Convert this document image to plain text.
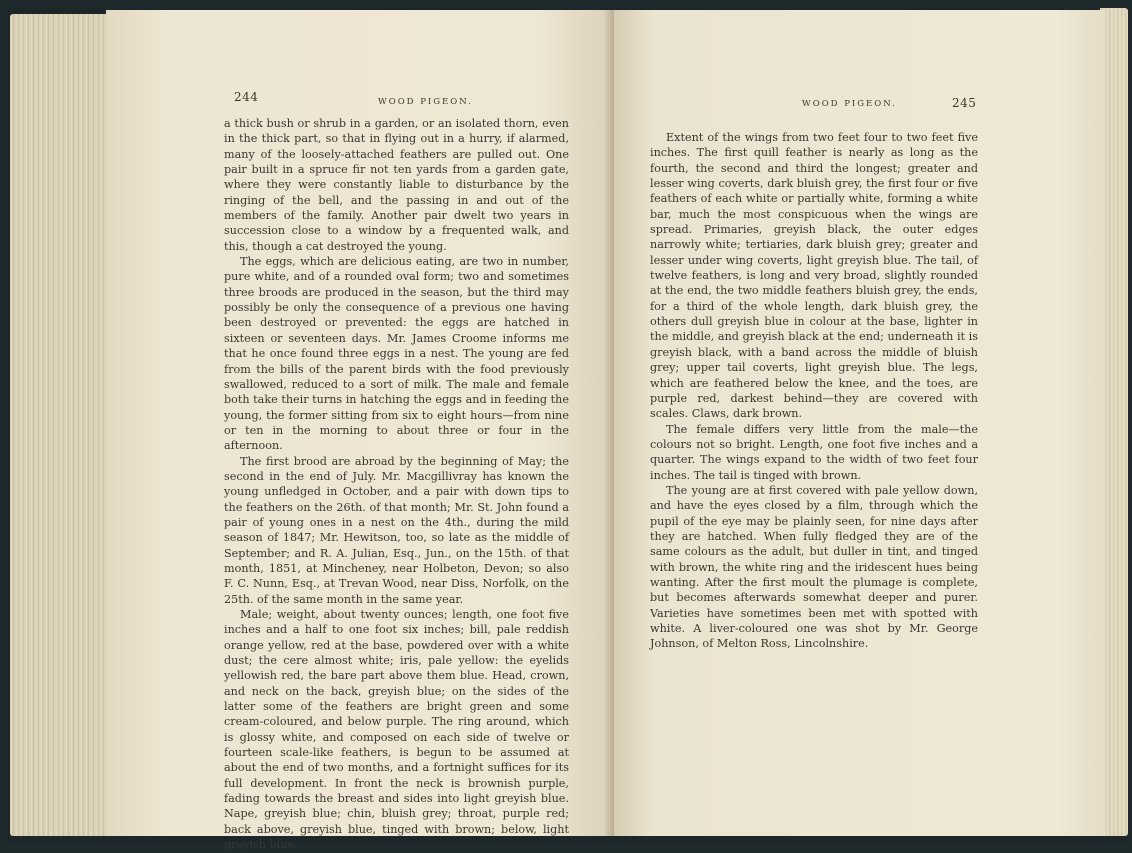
244	WOOD PIGEON.

a thick bush or shrub in a garden, or an isolated thorn, even in the thick part, so that in flying out in a hurry, if alarmed, many of the loosely-attached feathers are pulled out. One pair built in a spruce fir not ten yards from a garden gate, where they were constantly liable to disturbance by the ringing of the bell, and the passing in and out of the members of the family. Another pair dwelt two years in succession close to a window by a frequented walk, and this, though a cat destroyed the young.

The eggs, which are delicious eating, are two in number, pure white, and of a rounded oval form; two and sometimes three broods are produced in the season, but the third may possibly be only the consequence of a previous one having been destroyed or prevented: the eggs are hatched in sixteen or seventeen days. Mr. James Croome informs me that he once found three eggs in a nest. The young are fed from the bills of the parent birds with the food previously swallowed, reduced to a sort of milk. The male and female both take their turns in hatching the eggs and in feeding the young, the former sitting from six to eight hours—from nine or ten in the morning to about three or four in the afternoon.

The first brood are abroad by the beginning of May; the second in the end of July. Mr. Macgillivray has known the young unfledged in October, and a pair with down tips to the feathers on the 26th. of that month; Mr. St. John found a pair of young ones in a nest on the 4th., during the mild season of 1847; Mr. Hewitson, too, so late as the middle of September; and R. A. Julian, Esq., Jun., on the 15th. of that month, 1851, at Mincheney, near Holbeton, Devon; so also F. C. Nunn, Esq., at Trevan Wood, near Diss, Norfolk, on the 25th. of the same month in the same year.

Male; weight, about twenty ounces; length, one foot five inches and a half to one foot six inches; bill, pale reddish orange yellow, red at the base, powdered over with a white dust; the cere almost white; iris, pale yellow: the eyelids yellowish red, the bare part above them blue. Head, crown, and neck on the back, greyish blue; on the sides of the latter some of the feathers are bright green and some cream-coloured, and below purple. The ring around, which is glossy white, and composed on each side of twelve or fourteen scale-like feathers, is begun to be assumed at about the end of two months, and a fortnight suffices for its full development. In front the neck is brownish purple, fading towards the breast and sides into light greyish blue. Nape, greyish blue; chin, bluish grey; throat, purple red; back above, greyish blue, tinged with brown; below, light greyish blue.

WOOD PIGEON.	245

Extent of the wings from two feet four to two feet five inches. The first quill feather is nearly as long as the fourth, the second and third the longest; greater and lesser wing coverts, dark bluish grey, the first four or five feathers of each white or partially white, forming a white bar, much the most conspicuous when the wings are spread. Primaries, greyish black, the outer edges narrowly white; tertiaries, dark bluish grey; greater and lesser under wing coverts, light greyish blue. The tail, of twelve feathers, is long and very broad, slightly rounded at the end, the two middle feathers bluish grey, the ends, for a third of the whole length, dark bluish grey, the others dull greyish blue in colour at the base, lighter in the middle, and greyish black at the end; underneath it is greyish black, with a band across the middle of bluish grey; upper tail coverts, light greyish blue. The legs, which are feathered below the knee, and the toes, are purple red, darkest behind—they are covered with scales. Claws, dark brown.

The female differs very little from the male—the colours not so bright. Length, one foot five inches and a quarter. The wings expand to the width of two feet four inches. The tail is tinged with brown.

The young are at first covered with pale yellow down, and have the eyes closed by a film, through which the pupil of the eye may be plainly seen, for nine days after they are hatched. When fully fledged they are of the same colours as the adult, but duller in tint, and tinged with brown, the white ring and the iridescent hues being wanting. After the first moult the plumage is complete, but becomes afterwards somewhat deeper and purer. Varieties have sometimes been met with spotted with white. A liver-coloured one was shot by Mr. George Johnson, of Melton Ross, Lincolnshire.
